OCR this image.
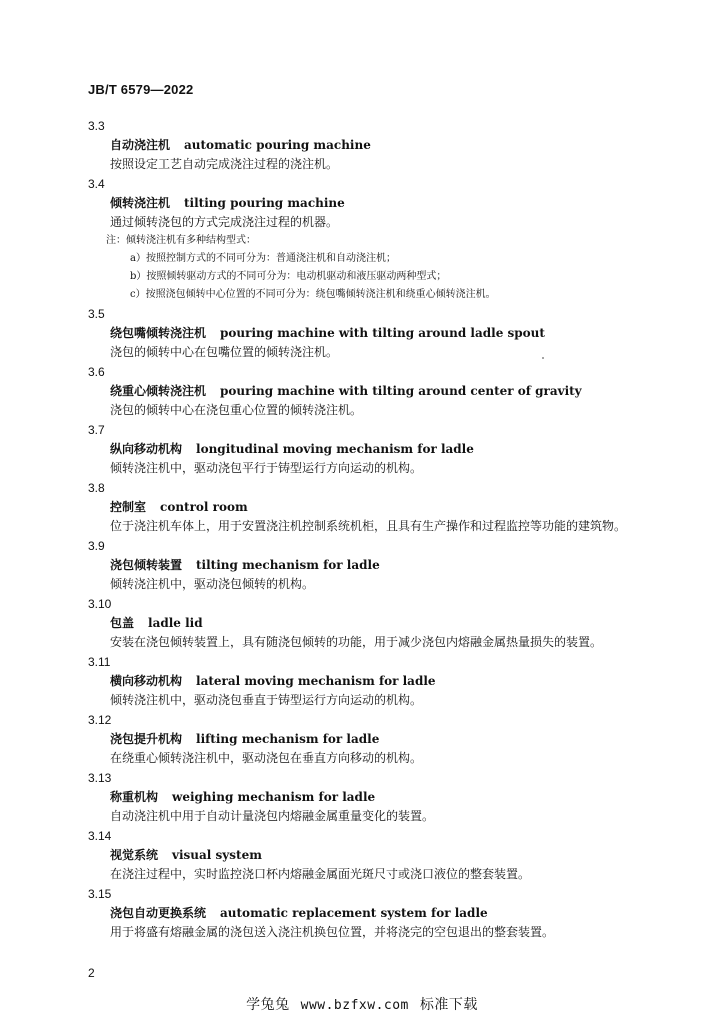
JB/T 6579—2022
3.3
自动浇注机 automatic pouring machine
按照设定工艺自动完成浇注过程的浇注机。
3.4
倾转浇注机 tilting pouring machine
通过倾转浇包的方式完成浇注过程的机器。
注：倾转浇注机有多种结构型式：
a）按照控制方式的不同可分为：普通浇注机和自动浇注机；
b）按照倾转驱动方式的不同可分为：电动机驱动和液压驱动两种型式；
c）按照浇包倾转中心位置的不同可分为：绕包嘴倾转浇注机和绕重心倾转浇注机。
3.5
绕包嘴倾转浇注机 pouring machine with tilting around ladle spout
浇包的倾转中心在包嘴位置的倾转浇注机。
3.6
绕重心倾转浇注机 pouring machine with tilting around center of gravity
浇包的倾转中心在浇包重心位置的倾转浇注机。
3.7
纵向移动机构 longitudinal moving mechanism for ladle
倾转浇注机中，驱动浇包平行于铸型运行方向运动的机构。
3.8
控制室 control room
位于浇注机车体上，用于安置浇注机控制系统机柜，且具有生产操作和过程监控等功能的建筑物。
3.9
浇包倾转装置 tilting mechanism for ladle
倾转浇注机中，驱动浇包倾转的机构。
3.10
包盖 ladle lid
安装在浇包倾转装置上，具有随浇包倾转的功能，用于减少浇包内熔融金属热量损失的装置。
3.11
横向移动机构 lateral moving mechanism for ladle
倾转浇注机中，驱动浇包垂直于铸型运行方向运动的机构。
3.12
浇包提升机构 lifting mechanism for ladle
在绕重心倾转浇注机中，驱动浇包在垂直方向移动的机构。
3.13
称重机构 weighing mechanism for ladle
自动浇注机中用于自动计量浇包内熔融金属重量变化的装置。
3.14
视觉系统 visual system
在浇注过程中，实时监控浇口杯内熔融金属面光斑尺寸或浇口液位的整套装置。
3.15
浇包自动更换系统 automatic replacement system for ladle
用于将盛有熔融金属的浇包送入浇注机换包位置，并将浇完的空包退出的整套装置。
2
学兔兔 www.bzfxw.com 标准下载
